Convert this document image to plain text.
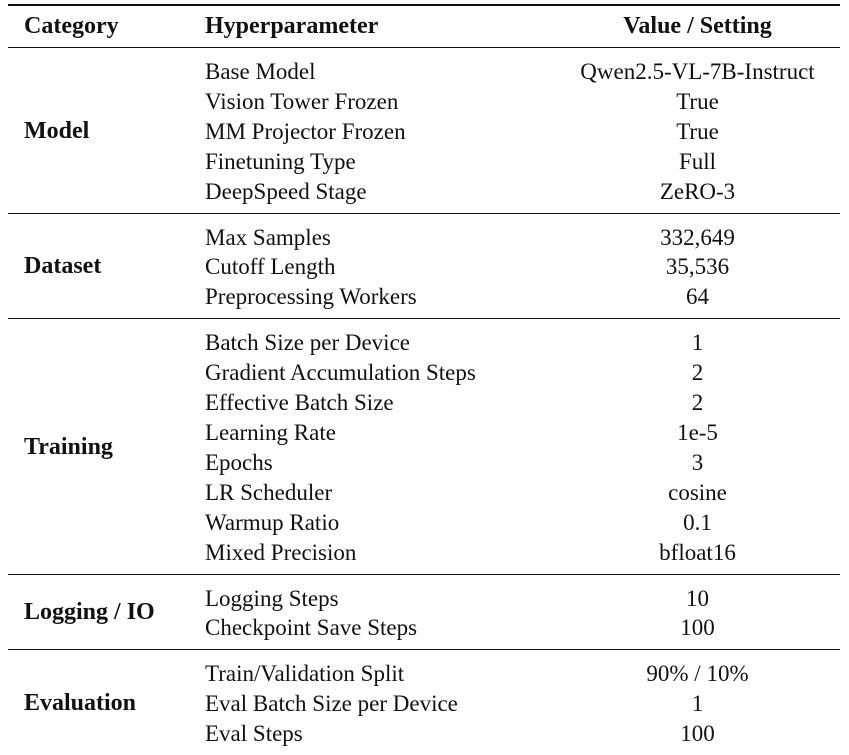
Category	Hyperparameter	Value / Setting

Model	Base Model	Qwen2.5-VL-7B-Instruct
	Vision Tower Frozen	True
	MM Projector Frozen	True
	Finetuning Type	Full
	DeepSpeed Stage	ZeRO-3

Dataset	Max Samples	332,649
	Cutoff Length	35,536
	Preprocessing Workers	64

Training	Batch Size per Device	1
	Gradient Accumulation Steps	2
	Effective Batch Size	2
	Learning Rate	1e-5
	Epochs	3
	LR Scheduler	cosine
	Warmup Ratio	0.1
	Mixed Precision	bfloat16

Logging / IO	Logging Steps	10
	Checkpoint Save Steps	100

Evaluation	Train/Validation Split	90% / 10%
	Eval Batch Size per Device	1
	Eval Steps	100
